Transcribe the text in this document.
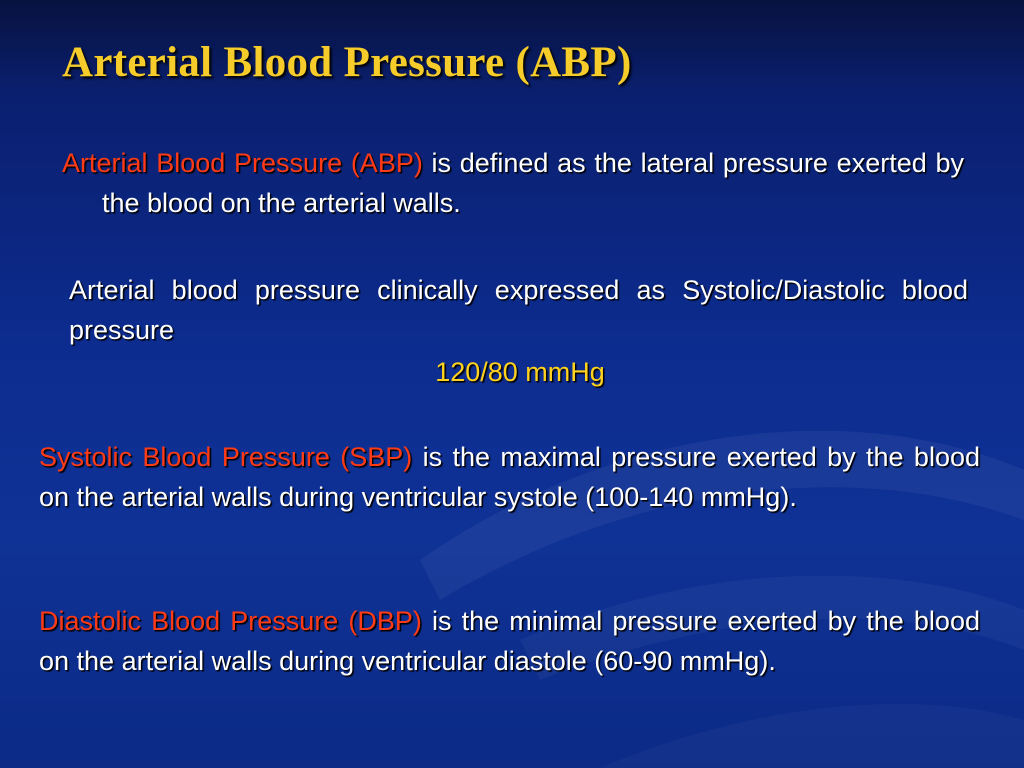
Arterial Blood Pressure (ABP)

Arterial Blood Pressure (ABP) is defined as the lateral pressure exerted by the blood on the arterial walls.

Arterial blood pressure clinically expressed as Systolic/Diastolic blood pressure

120/80 mmHg

Systolic Blood Pressure (SBP) is the maximal pressure exerted by the blood on the arterial walls during ventricular systole (100-140 mmHg).

Diastolic Blood Pressure (DBP) is the minimal pressure exerted by the blood on the arterial walls during ventricular diastole (60-90 mmHg).
